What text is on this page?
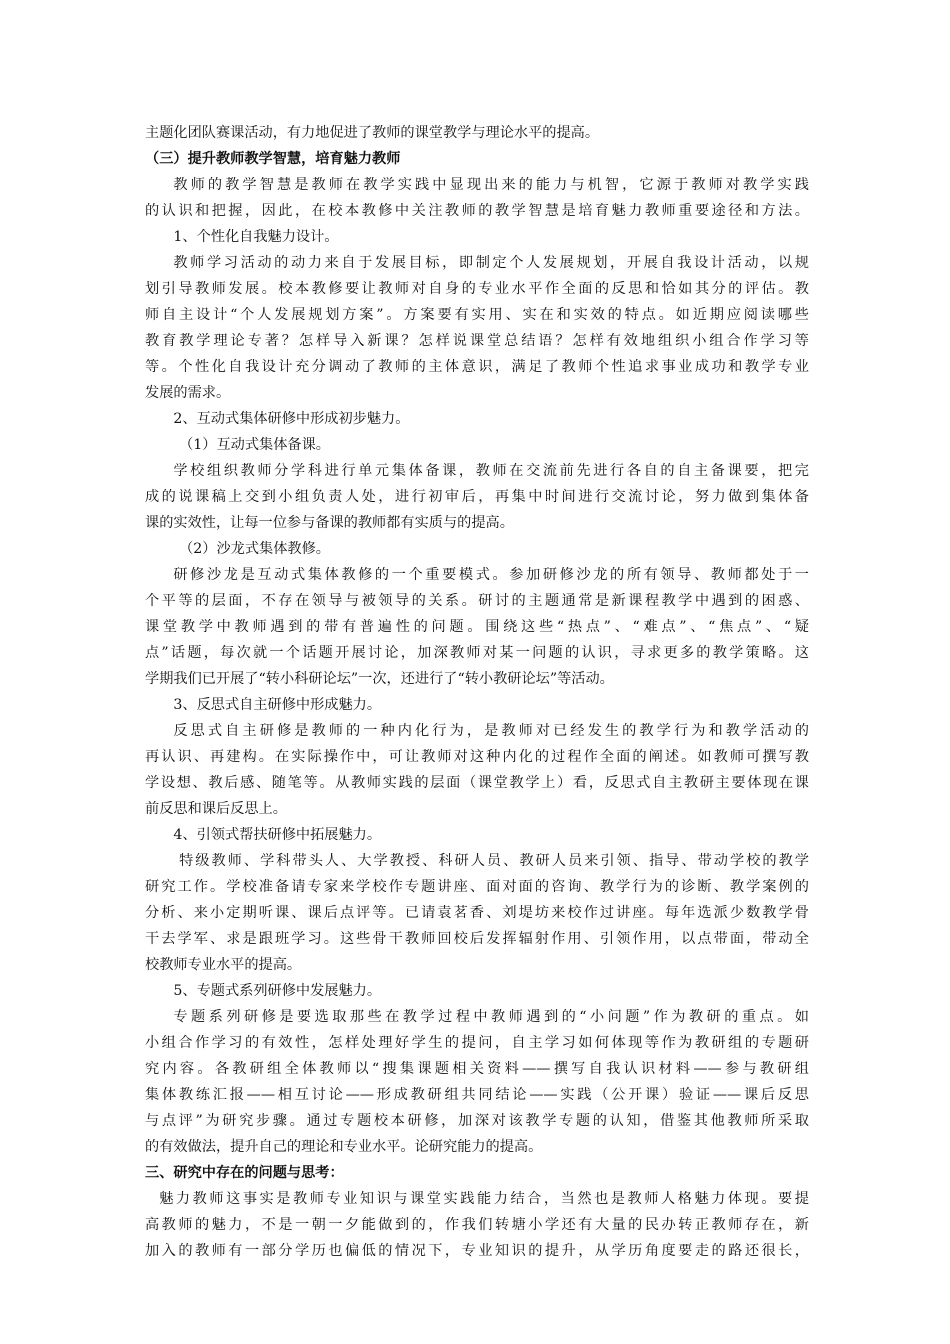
主题化团队赛课活动，有力地促进了教师的课堂教学与理论水平的提高。
（三）提升教师教学智慧，培育魅力教师
教师的教学智慧是教师在教学实践中显现出来的能力与机智，它源于教师对教学实践
的认识和把握，因此，在校本教修中关注教师的教学智慧是培育魅力教师重要途径和方法。
1、个性化自我魅力设计。
教师学习活动的动力来自于发展目标，即制定个人发展规划，开展自我设计活动，以规
划引导教师发展。校本教修要让教师对自身的专业水平作全面的反思和恰如其分的评估。教
师自主设计“个人发展规划方案”。方案要有实用、实在和实效的特点。如近期应阅读哪些
教育教学理论专著？怎样导入新课？怎样说课堂总结语？怎样有效地组织小组合作学习等
等。个性化自我设计充分调动了教师的主体意识，满足了教师个性追求事业成功和教学专业
发展的需求。
2、互动式集体研修中形成初步魅力。
（1）互动式集体备课。
学校组织教师分学科进行单元集体备课，教师在交流前先进行各自的自主备课要，把完
成的说课稿上交到小组负责人处，进行初审后，再集中时间进行交流讨论，努力做到集体备
课的实效性，让每一位参与备课的教师都有实质与的提高。
（2）沙龙式集体教修。
研修沙龙是互动式集体教修的一个重要模式。参加研修沙龙的所有领导、教师都处于一
个平等的层面，不存在领导与被领导的关系。研讨的主题通常是新课程教学中遇到的困惑、
课堂教学中教师遇到的带有普遍性的问题。围绕这些“热点”、“难点”、“焦点”、“疑
点”话题，每次就一个话题开展讨论，加深教师对某一问题的认识，寻求更多的教学策略。这
学期我们已开展了“转小科研论坛”一次，还进行了“转小教研论坛”等活动。
3、反思式自主研修中形成魅力。
反思式自主研修是教师的一种内化行为，是教师对已经发生的教学行为和教学活动的
再认识、再建构。在实际操作中，可让教师对这种内化的过程作全面的阐述。如教师可撰写教
学设想、教后感、随笔等。从教师实践的层面（课堂教学上）看，反思式自主教研主要体现在课
前反思和课后反思上。
4、引领式帮扶研修中拓展魅力。
特级教师、学科带头人、大学教授、科研人员、教研人员来引领、指导、带动学校的教学
研究工作。学校准备请专家来学校作专题讲座、面对面的咨询、教学行为的诊断、教学案例的
分析、来小定期听课、课后点评等。已请袁茗香、刘堤坊来校作过讲座。每年选派少数教学骨
干去学军、求是跟班学习。这些骨干教师回校后发挥辐射作用、引领作用，以点带面，带动全
校教师专业水平的提高。
5、专题式系列研修中发展魅力。
专题系列研修是要选取那些在教学过程中教师遇到的“小问题”作为教研的重点。如
小组合作学习的有效性，怎样处理好学生的提问，自主学习如何体现等作为教研组的专题研
究内容。各教研组全体教师以“搜集课题相关资料——撰写自我认识材料——参与教研组
集体教练汇报——相互讨论——形成教研组共同结论——实践（公开课）验证——课后反思
与点评”为研究步骤。通过专题校本研修，加深对该教学专题的认知，借鉴其他教师所采取
的有效做法，提升自己的理论和专业水平。论研究能力的提高。
三、研究中存在的问题与思考：
魅力教师这事实是教师专业知识与课堂实践能力结合，当然也是教师人格魅力体现。要提
高教师的魅力，不是一朝一夕能做到的，作我们转塘小学还有大量的民办转正教师存在，新
加入的教师有一部分学历也偏低的情况下，专业知识的提升，从学历角度要走的路还很长，
